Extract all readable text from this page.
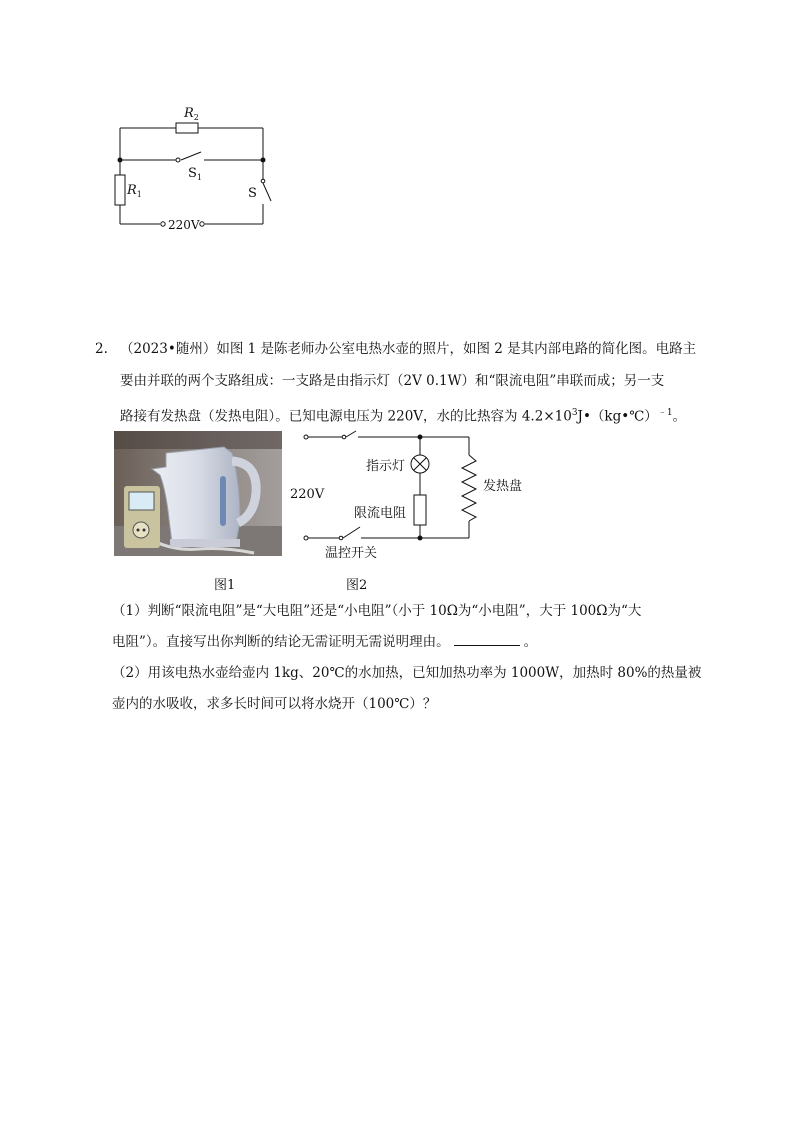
$R_2$
$S_1$
$R_1$	S
220V
2. （2023•随州）如图 1 是陈老师办公室电热水壶的照片，如图 2 是其内部电路的简化图。电路主
要由并联的两个支路组成：一支路是由指示灯（2V 0.1W）和“限流电阻”串联而成；另一支
路接有发热盘（发热电阻）。已知电源电压为 220V，水的比热容为 $4.2\times 10^3J•(kg•℃)^{﹣1}$。
220V
指示灯
限流电阻
发热盘
温控开关
图1	图2
（1）判断“限流电阻”是“大电阻”还是“小电阻”（小于 10Ω为“小电阻”，大于 100Ω为“大
电阻”）。直接写出你判断的结论无需证明无需说明理由。	。
（2）用该电热水壶给壶内 1kg、20℃的水加热，已知加热功率为 1000W，加热时 80%的热量被
壶内的水吸收，求多长时间可以将水烧开（100℃）？
